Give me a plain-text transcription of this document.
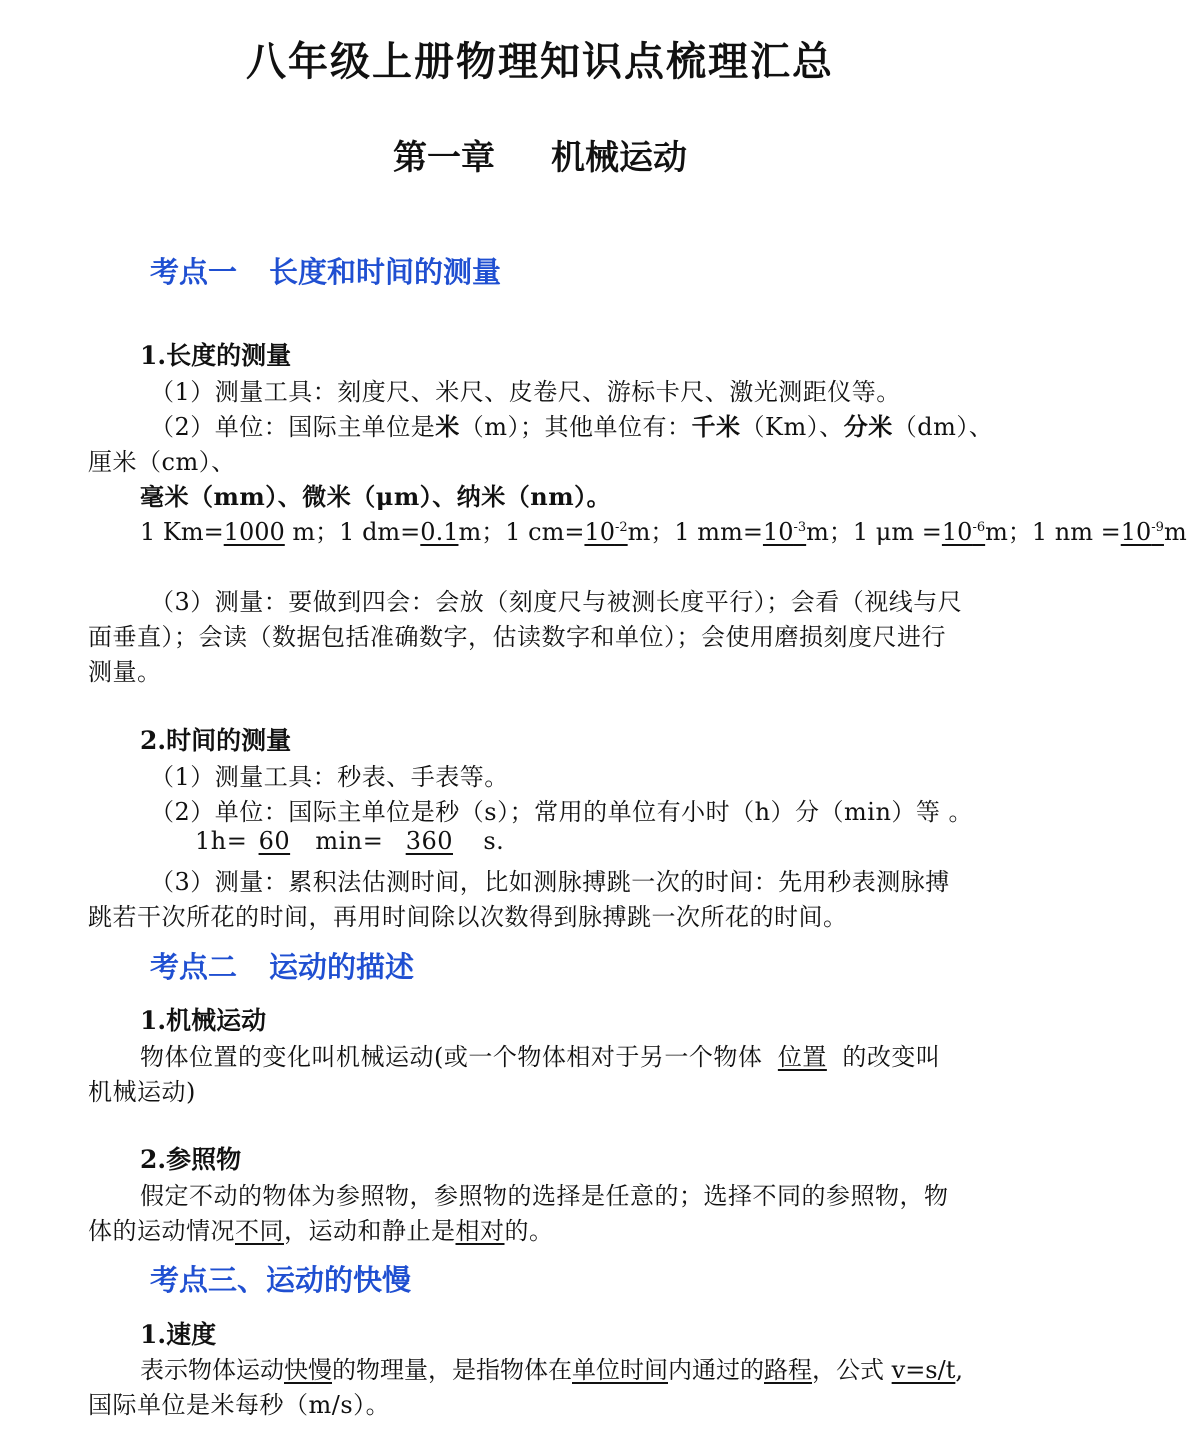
八年级上册物理知识点梳理汇总
第一章 机械运动
考点一 长度和时间的测量
1.长度的测量
（1）测量工具：刻度尺、米尺、皮卷尺、游标卡尺、激光测距仪等。
（2）单位：国际主单位是米（m）；其他单位有：千米（Km）、分米（dm）、
厘米（cm）、
毫米（mm）、微米（μm）、纳米（nm）。
1 Km=1000 m；1 dm=0.1m；1 $cm=10^{-2}m$；1 $mm=10^{-3}m$；1 $\mu m =10^{-6}m$；1 nm $=10^{-9}m$
（3）测量：要做到四会：会放（刻度尺与被测长度平行）；会看（视线与尺
面垂直）；会读（数据包括准确数字，估读数字和单位）；会使用磨损刻度尺进行
测量。
2.时间的测量
（1）测量工具：秒表、手表等。
（2）单位：国际主单位是秒（s）；常用的单位有小时（h）分（min）等 。
1h= 60 min= 360 s.
（3）测量：累积法估测时间，比如测脉搏跳一次的时间：先用秒表测脉搏
跳若干次所花的时间，再用时间除以次数得到脉搏跳一次所花的时间。
考点二 运动的描述
1.机械运动
物体位置的变化叫机械运动(或一个物体相对于另一个物体位置的改变叫
机械运动)
2.参照物
假定不动的物体为参照物，参照物的选择是任意的；选择不同的参照物，物
体的运动情况不同，运动和静止是相对的。
考点三、运动的快慢
1.速度
表示物体运动快慢的物理量，是指物体在单位时间内通过的路程，公式 v=s/t,
国际单位是米每秒（m/s）。
